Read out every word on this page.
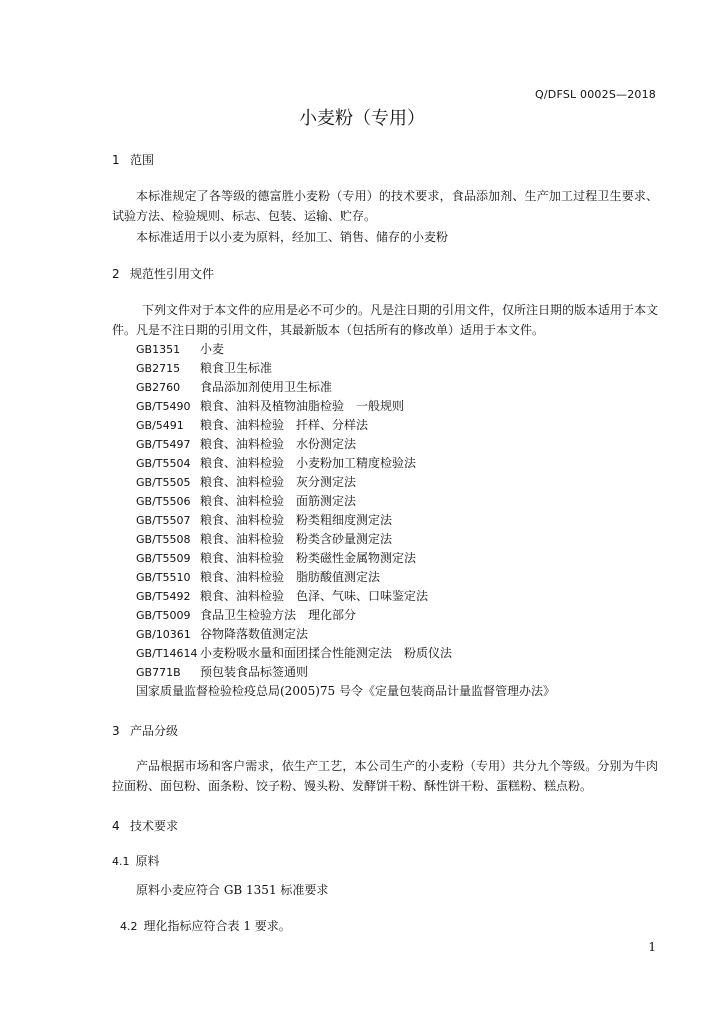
Q/DFSL 0002S—2018
小麦粉（专用）
1 范围
本标准规定了各等级的德富胜小麦粉（专用）的技术要求，食品添加剂、生产加工过程卫生要求、试验方法、检验规则、标志、包装、运输、贮存。
本标准适用于以小麦为原料，经加工、销售、储存的小麦粉
2 规范性引用文件
下列文件对于本文件的应用是必不可少的。凡是注日期的引用文件，仅所注日期的版本适用于本文件。凡是不注日期的引用文件，其最新版本（包括所有的修改单）适用于本文件。
GB1351 小麦
GB2715 粮食卫生标准
GB2760 食品添加剂使用卫生标准
GB/T5490 粮食、油料及植物油脂检验　一般规则
GB/5491 粮食、油料检验　扦样、分样法
GB/T5497 粮食、油料检验　水份测定法
GB/T5504 粮食、油料检验　小麦粉加工精度检验法
GB/T5505 粮食、油料检验　灰分测定法
GB/T5506 粮食、油料检验　面筋测定法
GB/T5507 粮食、油料检验　粉类粗细度测定法
GB/T5508 粮食、油料检验　粉类含砂量测定法
GB/T5509 粮食、油料检验　粉类磁性金属物测定法
GB/T5510 粮食、油料检验　脂肪酸值测定法
GB/T5492 粮食、油料检验　色泽、气味、口味鉴定法
GB/T5009 食品卫生检验方法　理化部分
GB/10361 谷物降落数值测定法
GB/T14614 小麦粉吸水量和面团揉合性能测定法　粉质仪法
GB771B 预包装食品标签通则
国家质量监督检验检疫总局(2005)75 号令《定量包装商品计量监督管理办法》
3 产品分级
产品根据市场和客户需求，依生产工艺，本公司生产的小麦粉（专用）共分九个等级。分别为牛肉拉面粉、面包粉、面条粉、饺子粉、馒头粉、发酵饼干粉、酥性饼干粉、蛋糕粉、糕点粉。
4 技术要求
4.1 原料
原料小麦应符合 GB 1351 标准要求
4.2 理化指标应符合表 1 要求。
1
